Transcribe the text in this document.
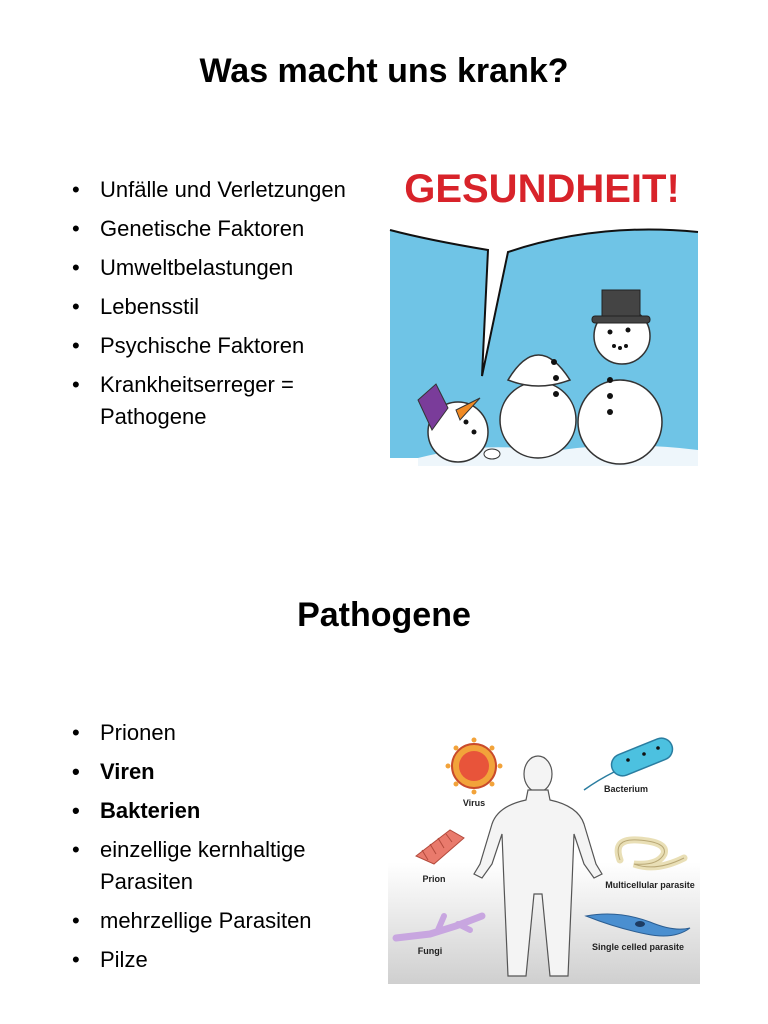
Was macht uns krank?
• Unfälle und Verletzungen
• Genetische Faktoren
• Umweltbelastungen
• Lebensstil
• Psychische Faktoren
• Krankheitserreger = Pathogene
GESUNDHEIT!
Pathogene
• Prionen
• Viren
• Bakterien
• einzellige kernhaltige Parasiten
• mehrzellige Parasiten
• Pilze
Virus
Bacterium
Prion
Multicellular parasite
Fungi	Single celled parasite
